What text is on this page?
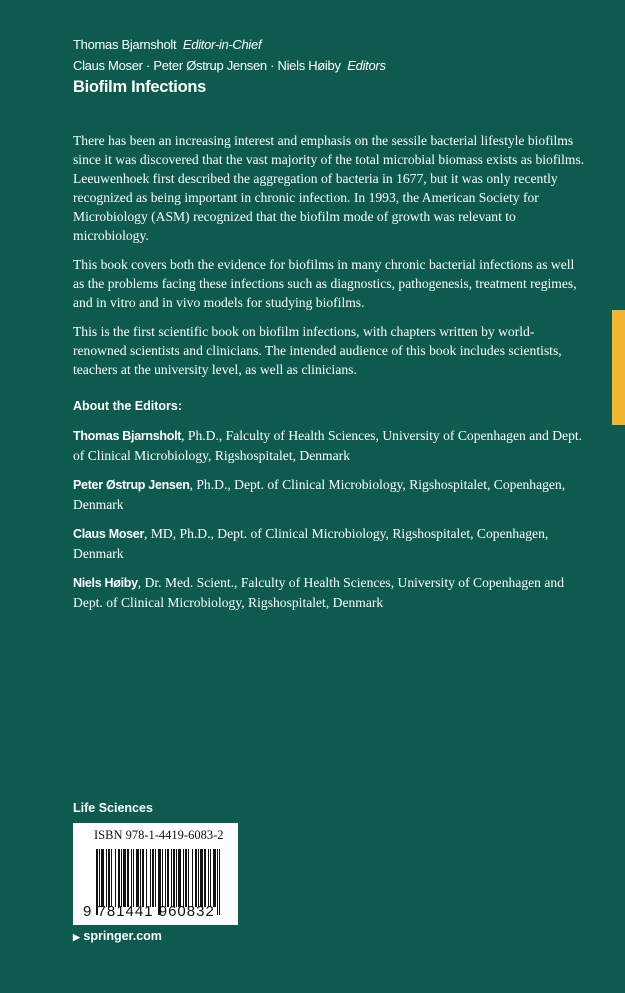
Thomas Bjarnsholt Editor-in-Chief
Claus Moser · Peter Østrup Jensen · Niels Høiby Editors
Biofilm Infections

There has been an increasing interest and emphasis on the sessile bacterial lifestyle biofilms since it was discovered that the vast majority of the total microbial biomass exists as biofilms. Leeuwenhoek first described the aggregation of bacteria in 1677, but it was only recently recognized as being important in chronic infection. In 1993, the American Society for Microbiology (ASM) recognized that the biofilm mode of growth was relevant to microbiology.

This book covers both the evidence for biofilms in many chronic bacterial infections as well as the problems facing these infections such as diagnostics, pathogenesis, treatment regimes, and in vitro and in vivo models for studying biofilms.

This is the first scientific book on biofilm infections, with chapters written by world- renowned scientists and clinicians. The intended audience of this book includes scientists, teachers at the university level, as well as clinicians.

About the Editors:

Thomas Bjarnsholt, Ph.D., Falculty of Health Sciences, University of Copenhagen and Dept. of Clinical Microbiology, Rigshospitalet, Denmark

Peter Østrup Jensen, Ph.D., Dept. of Clinical Microbiology, Rigshospitalet, Copenhagen, Denmark

Claus Moser, MD, Ph.D., Dept. of Clinical Microbiology, Rigshospitalet, Copenhagen, Denmark

Niels Høiby, Dr. Med. Scient., Falculty of Health Sciences, University of Copenhagen and Dept. of Clinical Microbiology, Rigshospitalet, Denmark

Life Sciences
ISBN 978-1-4419-6083-2
9 781441 960832
▶ springer.com
